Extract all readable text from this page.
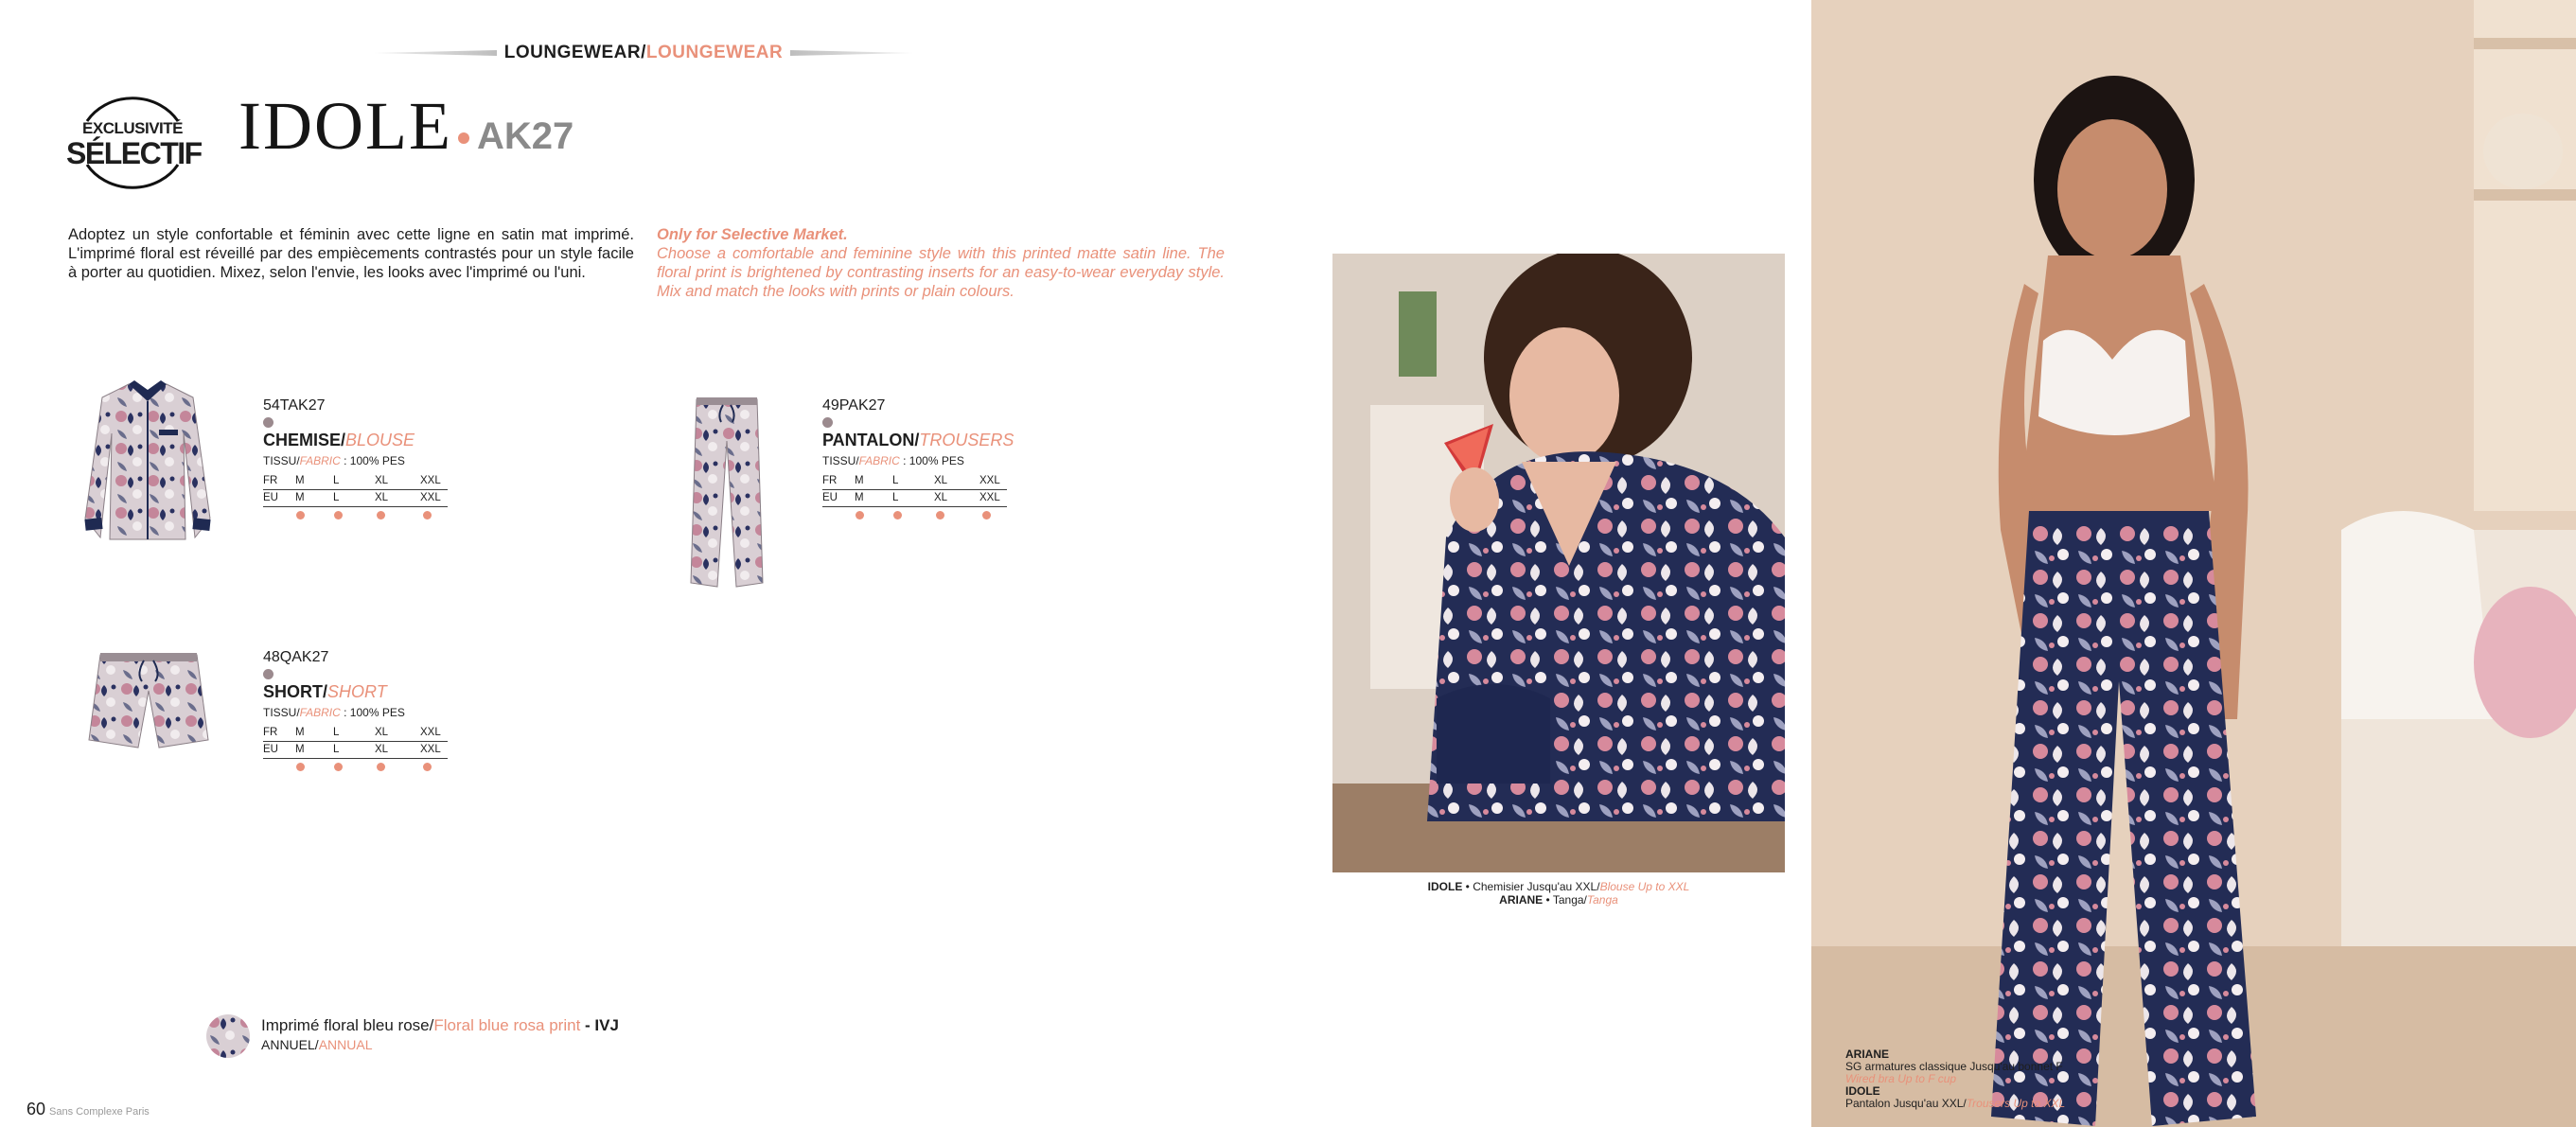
LOUNGEWEAR/LOUNGEWEAR
EXCLUSIVITÉ
SÉLECTIF IDOLE AK27
Adoptez un style confortable et féminin avec cette ligne en satin mat imprimé. L'imprimé floral est réveillé par des empiècements contrastés pour un style facile à porter au quotidien. Mixez, selon l'envie, les looks avec l'imprimé ou l'uni.
Only for Selective Market.
Choose a comfortable and feminine style with this printed matte satin line. The floral print is brightened by contrasting inserts for an easy-to-wear everyday style. Mix and match the looks with prints or plain colours.
54TAK27
CHEMISE/BLOUSE
TISSU/FABRIC : 100% PES
FR M	L	XL	XXL
EU M	L	XL	XXL
49PAK27
PANTALON/TROUSERS
TISSU/FABRIC : 100% PES
FR M	L	XL	XXL
EU M	L	XL	XXL
48QAK27
SHORT/SHORT
TISSU/FABRIC : 100% PES
FR M	L	XL	XXL
EU M	L	XL	XXL
IDOLE • Chemisier Jusqu'au XXL/Blouse Up to XXL
ARIANE • Tanga/Tanga
ARIANE
SG armatures classique Jusqu'au bonnet F
Wired bra Up to F cup
IDOLE
Pantalon Jusqu'au XXL/Trousers Up to XXL
Imprimé floral bleu rose/Floral blue rosa print - IVJ
ANNUEL/ANNUAL
60 Sans Complexe Paris
